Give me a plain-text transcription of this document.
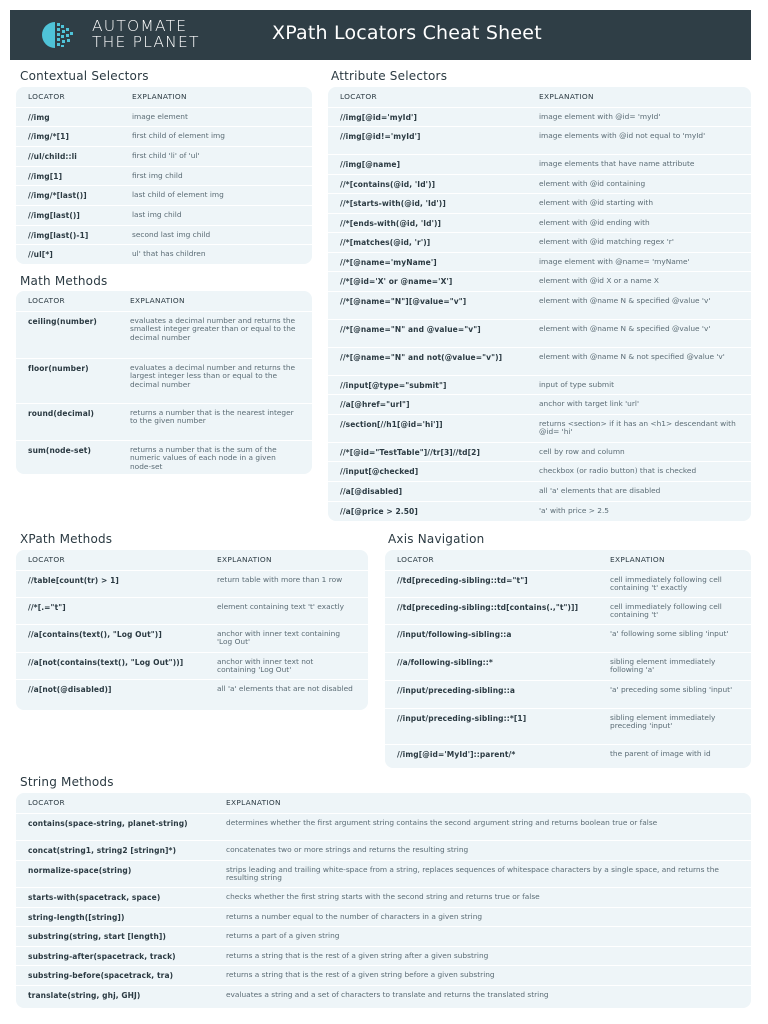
AUTOMATE
THE PLANET	XPath Locators Cheat Sheet
Contextual Selectors
LOCATOR	EXPLANATION
//img	image element
//img/*[1]	first child of element img
//ul/child::li	first child 'li' of 'ul'
//img[1]	first img child
//img/*[last()]	last child of element img
//img[last()]	last img child
//img[last()-1]	second last img child
//ul[*]	ul' that has children
Math Methods
LOCATOR	EXPLANATION
ceiling(number)	evaluates a decimal number and returns the smallest integer greater than or equal to the decimal number
floor(number)	evaluates a decimal number and returns the largest integer less than or equal to the decimal number
round(decimal)	returns a number that is the nearest integer to the given number
sum(node-set)	returns a number that is the sum of the numeric values of each node in a given node-set
Attribute Selectors
LOCATOR	EXPLANATION
//img[@id='myId']	image element with @id= 'myId'
//img[@id!='myId']	image elements with @id not equal to 'myId'
//img[@name]	image elements that have name attribute
//*[contains(@id, 'Id')]	element with @id containing
//*[starts-with(@id, 'Id')]	element with @id starting with
//*[ends-with(@id, 'Id')]	element with @id ending with
//*[matches(@id, 'r')]	element with @id matching regex 'r'
//*[@name='myName']	image element with @name= 'myName'
//*[@id='X' or @name='X']	element with @id X or a name X
//*[@name="N"][@value="v"]	element with @name N & specified @value 'v'
//*[@name="N" and @value="v"]	element with @name N & specified @value 'v'
//*[@name="N" and not(@value="v")]	element with @name N & not specified @value 'v'
//input[@type="submit"]	input of type submit
//a[@href="url"]	anchor with target link 'url'
//section[//h1[@id='hi']]	returns <section> if it has an <h1> descendant with @id= 'hi'
//*[@id="TestTable"]//tr[3]//td[2]	cell by row and column
//input[@checked]	checkbox (or radio button) that is checked
//a[@disabled]	all 'a' elements that are disabled
//a[@price > 2.50]	'a' with price > 2.5
XPath Methods
LOCATOR	EXPLANATION
//table[count(tr) > 1]	return table with more than 1 row
//*[.="t"]	element containing text 't' exactly
//a[contains(text(), "Log Out")]	anchor with inner text containing 'Log Out'
//a[not(contains(text(), "Log Out"))]	anchor with inner text not containing 'Log Out'
//a[not(@disabled)]	all 'a' elements that are not disabled
Axis Navigation
LOCATOR	EXPLANATION
//td[preceding-sibling::td="t"]	cell immediately following cell containing 't' exactly
//td[preceding-sibling::td[contains(.,"t")]]	cell immediately following cell containing 't'
//input/following-sibling::a	'a' following some sibling 'input'
//a/following-sibling::*	sibling element immediately following 'a'
//input/preceding-sibling::a	'a' preceding some sibling 'input'
//input/preceding-sibling::*[1]	sibling element immediately preceding 'input'
//img[@id='MyId']::parent/*	the parent of image with id
String Methods
LOCATOR	EXPLANATION
contains(space-string, planet-string)	determines whether the first argument string contains the second argument string and returns boolean true or false
concat(string1, string2 [stringn]*)	concatenates two or more strings and returns the resulting string
normalize-space(string)	strips leading and trailing white-space from a string, replaces sequences of whitespace characters by a single space, and returns the resulting string
starts-with(spacetrack, space)	checks whether the first string starts with the second string and returns true or false
string-length([string])	returns a number equal to the number of characters in a given string
substring(string, start [length])	returns a part of a given string
substring-after(spacetrack, track)	returns a string that is the rest of a given string after a given substring
substring-before(spacetrack, tra)	returns a string that is the rest of a given string before a given substring
translate(string, ghj, GHJ)	evaluates a string and a set of characters to translate and returns the translated string
